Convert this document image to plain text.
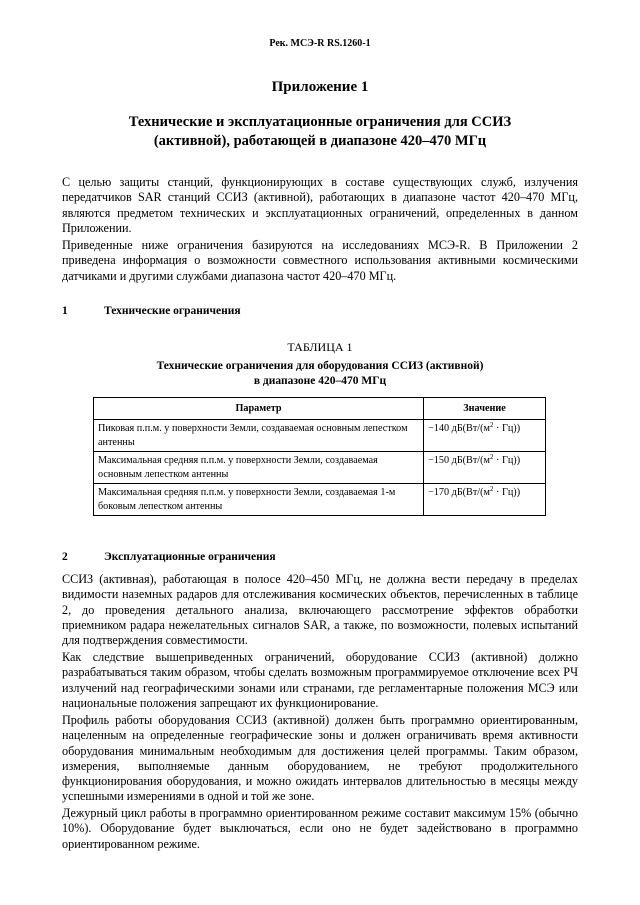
Рек. МСЭ-R RS.1260-1
Приложение 1
Технические и эксплуатационные ограничения для ССИЗ (активной), работающей в диапазоне 420–470 МГц

С целью защиты станций, функционирующих в составе существующих служб, излучения передатчиков SAR станций ССИЗ (активной), работающих в диапазоне частот 420–470 МГц, являются предметом технических и эксплуатационных ограничений, определенных в данном Приложении.

Приведенные ниже ограничения базируются на исследованиях МСЭ-R. В Приложении 2 приведена информация о возможности совместного использования активными космическими датчиками и другими службами диапазона частот 420–470 МГц.

1	Технические ограничения
ТАБЛИЦА 1
Технические ограничения для оборудования ССИЗ (активной)
в диапазоне 420–470 МГц
Параметр	Значение
Пиковая п.п.м. у поверхности Земли, создаваемая основным лепестком антенны	−140 $дБ(Вт/(м^2 \cdot Гц))$
Максимальная средняя п.п.м. у поверхности Земли, создаваемая основным лепестком антенны	−150 $дБ(Вт/(м^2 \cdot Гц))$
Максимальная средняя п.п.м. у поверхности Земли, создаваемая 1-м боковым лепестком антенны	−170 $дБ(Вт/(м^2 \cdot Гц))$
2	Эксплуатационные ограничения

ССИЗ (активная), работающая в полосе 420–450 МГц, не должна вести передачу в пределах видимости наземных радаров для отслеживания космических объектов, перечисленных в таблице 2, до проведения детального анализа, включающего рассмотрение эффектов обработки приемником радара нежелательных сигналов SAR, а также, по возможности, полевых испытаний для подтверждения совместимости.

Как следствие вышеприведенных ограничений, оборудование ССИЗ (активной) должно разрабатываться таким образом, чтобы сделать возможным программируемое отключение всех РЧ излучений над географическими зонами или странами, где регламентарные положения МСЭ или национальные положения запрещают их функционирование.

Профиль работы оборудования ССИЗ (активной) должен быть программно ориентированным, нацеленным на определенные географические зоны и должен ограничивать время активности оборудования минимальным необходимым для достижения целей программы. Таким образом, измерения, выполняемые данным оборудованием, не требуют продолжительного функционирования оборудования, и можно ожидать интервалов длительностью в месяцы между успешными измерениями в одной и той же зоне.

Дежурный цикл работы в программно ориентированном режиме составит максимум 15% (обычно 10%). Оборудование будет выключаться, если оно не будет задействовано в программно ориентированном режиме.
